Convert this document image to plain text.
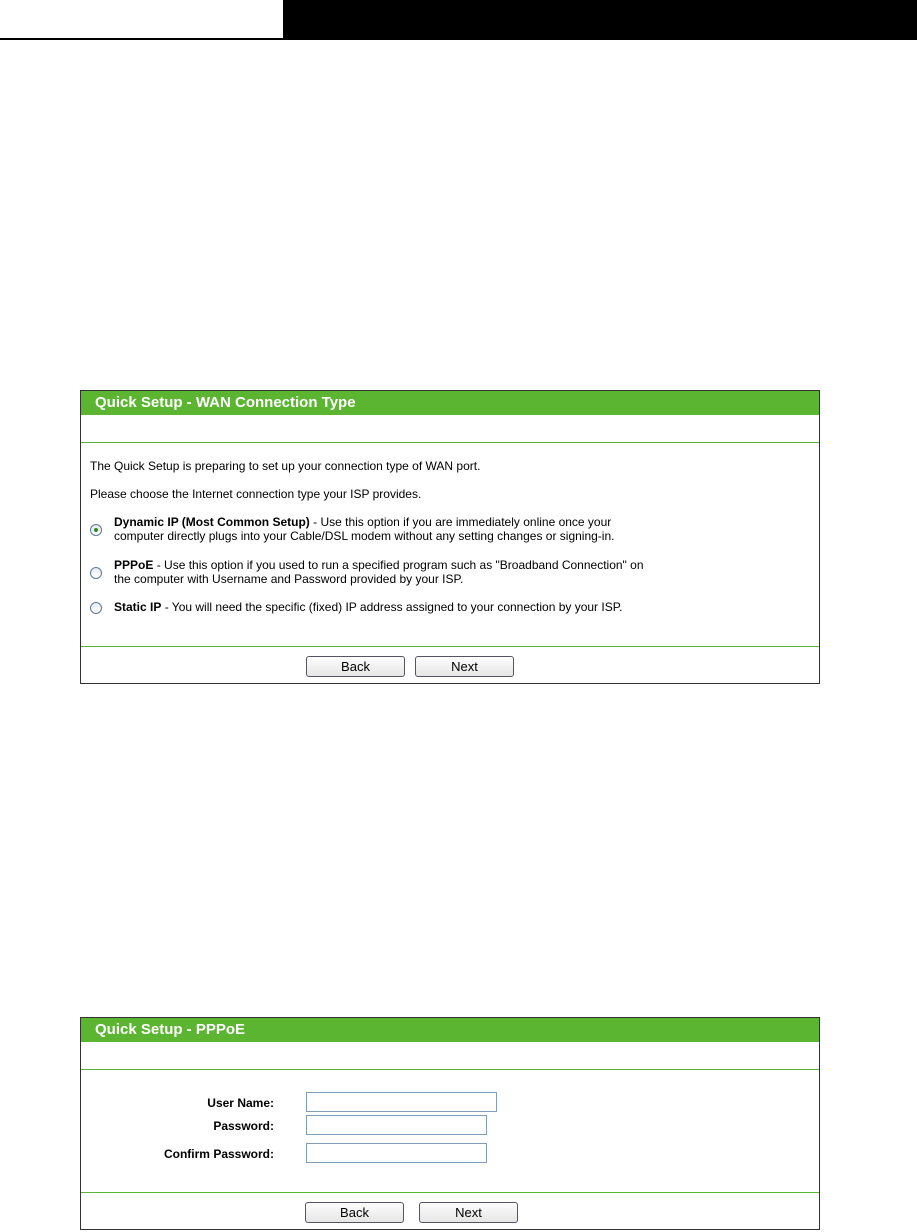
Quick Setup - WAN Connection Type
The Quick Setup is preparing to set up your connection type of WAN port.
Please choose the Internet connection type your ISP provides.
Dynamic IP (Most Common Setup) - Use this option if you are immediately online once your
computer directly plugs into your Cable/DSL modem without any setting changes or signing-in.
PPPoE - Use this option if you used to run a specified program such as "Broadband Connection" on
the computer with Username and Password provided by your ISP.
Static IP - You will need the specific (fixed) IP address assigned to your connection by your ISP.
Back	Next
Quick Setup - PPPoE
User Name:
Password:
Confirm Password:
Back	Next
